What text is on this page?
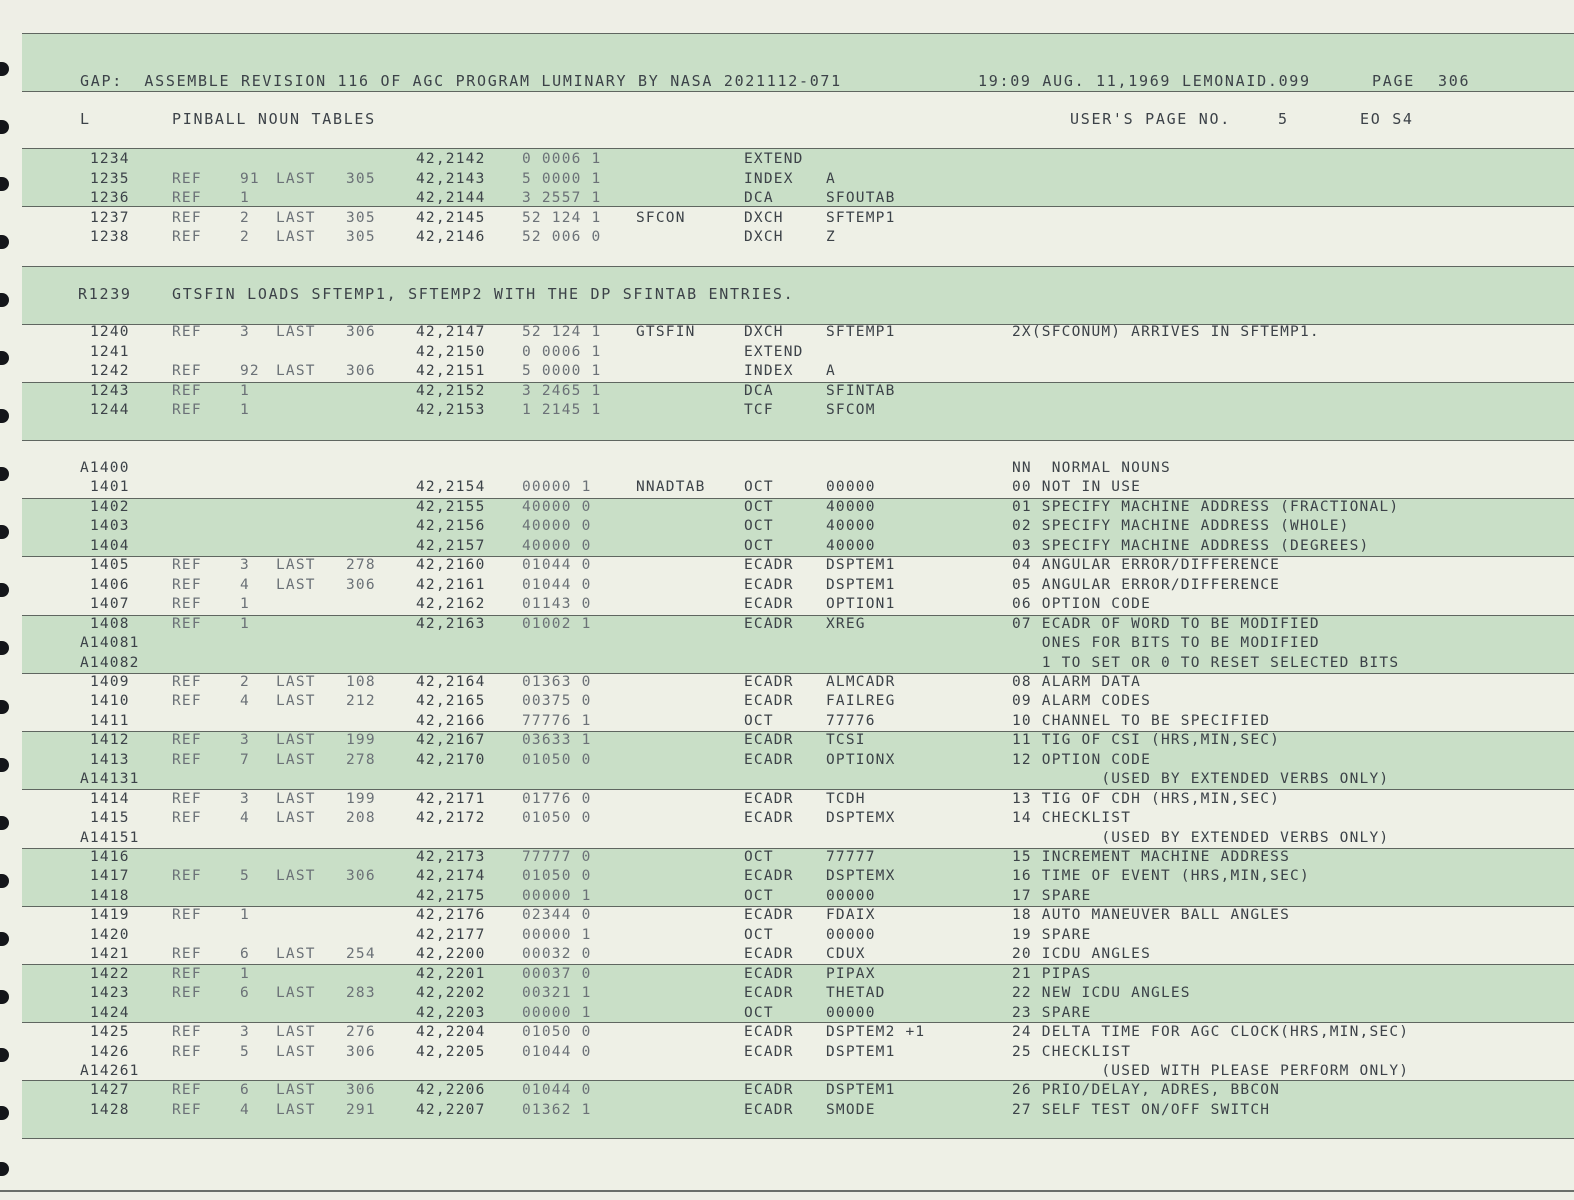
GAP:  ASSEMBLE REVISION 116 OF AGC PROGRAM LUMINARY BY NASA 2021112-071	19:09 AUG. 11,1969 LEMONAID.099	PAGE 306
L	PINBALL NOUN TABLES	USER'S PAGE NO.	5	EO S4
R1239	GTSFIN LOADS SFTEMP1, SFTEMP2 WITH THE DP SFINTAB ENTRIES.
1234	42,2142	0 0006 1	EXTEND
1235	REF	91 LAST 305	42,2143	5 0000 1	INDEX A
1236	REF	1	42,2144	3 2557 1	DCA	SFOUTAB
1237	REF	2 LAST 305	42,2145	52 124 1 SFCON	DXCH	SFTEMP1
1238	REF	2 LAST 305	42,2146	52 006 0	DXCH	Z
1240	REF	3 LAST 306	42,2147	52 124 1 GTSFIN	DXCH	SFTEMP1	2X(SFCONUM) ARRIVES IN SFTEMP1.
1241	42,2150	0 0006 1	EXTEND
1242	REF	92 LAST 306	42,2151	5 0000 1	INDEX A
1243	REF	1	42,2152	3 2465 1	DCA	SFINTAB
1244	REF	1	42,2153	1 2145 1	TCF	SFCOM
A1400	NN  NORMAL NOUNS
1401	42,2154	00000 1	NNADTAB	OCT	00000	00 NOT IN USE
1402	42,2155	40000 0	OCT	40000	01 SPECIFY MACHINE ADDRESS (FRACTIONAL)
1403	42,2156	40000 0	OCT	40000	02 SPECIFY MACHINE ADDRESS (WHOLE)
1404	42,2157	40000 0	OCT	40000	03 SPECIFY MACHINE ADDRESS (DEGREES)
1405	REF	3 LAST 278	42,2160	01044 0	ECADR DSPTEM1	04 ANGULAR ERROR/DIFFERENCE
1406	REF	4 LAST 306	42,2161	01044 0	ECADR DSPTEM1	05 ANGULAR ERROR/DIFFERENCE
1407	REF	1	42,2162	01143 0	ECADR OPTION1	06 OPTION CODE
1408	REF	1	42,2163	01002 1	ECADR XREG	07 ECADR OF WORD TO BE MODIFIED
A14081	ONES FOR BITS TO BE MODIFIED
A14082	1 TO SET OR 0 TO RESET SELECTED BITS
1409	REF	2 LAST 108	42,2164	01363 0	ECADR ALMCADR	08 ALARM DATA
1410	REF	4 LAST 212	42,2165	00375 0	ECADR FAILREG	09 ALARM CODES
1411	42,2166	77776 1	OCT	77776	10 CHANNEL TO BE SPECIFIED
1412	REF	3 LAST 199	42,2167	03633 1	ECADR TCSI	11 TIG OF CSI (HRS,MIN,SEC)
1413	REF	7 LAST 278	42,2170	01050 0	ECADR OPTIONX	12 OPTION CODE
A14131	(USED BY EXTENDED VERBS ONLY)
1414	REF	3 LAST 199	42,2171	01776 0	ECADR TCDH	13 TIG OF CDH (HRS,MIN,SEC)
1415	REF	4 LAST 208	42,2172	01050 0	ECADR DSPTEMX	14 CHECKLIST
A14151	(USED BY EXTENDED VERBS ONLY)
1416	42,2173	77777 0	OCT	77777	15 INCREMENT MACHINE ADDRESS
1417	REF	5 LAST 306	42,2174	01050 0	ECADR DSPTEMX	16 TIME OF EVENT (HRS,MIN,SEC)
1418	42,2175	00000 1	OCT	00000	17 SPARE
1419	REF	1	42,2176	02344 0	ECADR FDAIX	18 AUTO MANEUVER BALL ANGLES
1420	42,2177	00000 1	OCT	00000	19 SPARE
1421	REF	6 LAST 254	42,2200	00032 0	ECADR CDUX	20 ICDU ANGLES
1422	REF	1	42,2201	00037 0	ECADR PIPAX	21 PIPAS
1423	REF	6 LAST 283	42,2202	00321 1	ECADR THETAD	22 NEW ICDU ANGLES
1424	42,2203	00000 1	OCT	00000	23 SPARE
1425	REF	3 LAST 276	42,2204	01050 0	ECADR DSPTEM2 +1	24 DELTA TIME FOR AGC CLOCK(HRS,MIN,SEC)
1426	REF	5 LAST 306	42,2205	01044 0	ECADR DSPTEM1	25 CHECKLIST
A14261	(USED WITH PLEASE PERFORM ONLY)
1427	REF	6 LAST 306	42,2206	01044 0	ECADR DSPTEM1	26 PRIO/DELAY, ADRES, BBCON
1428	REF	4 LAST 291	42,2207	01362 1	ECADR SMODE	27 SELF TEST ON/OFF SWITCH
